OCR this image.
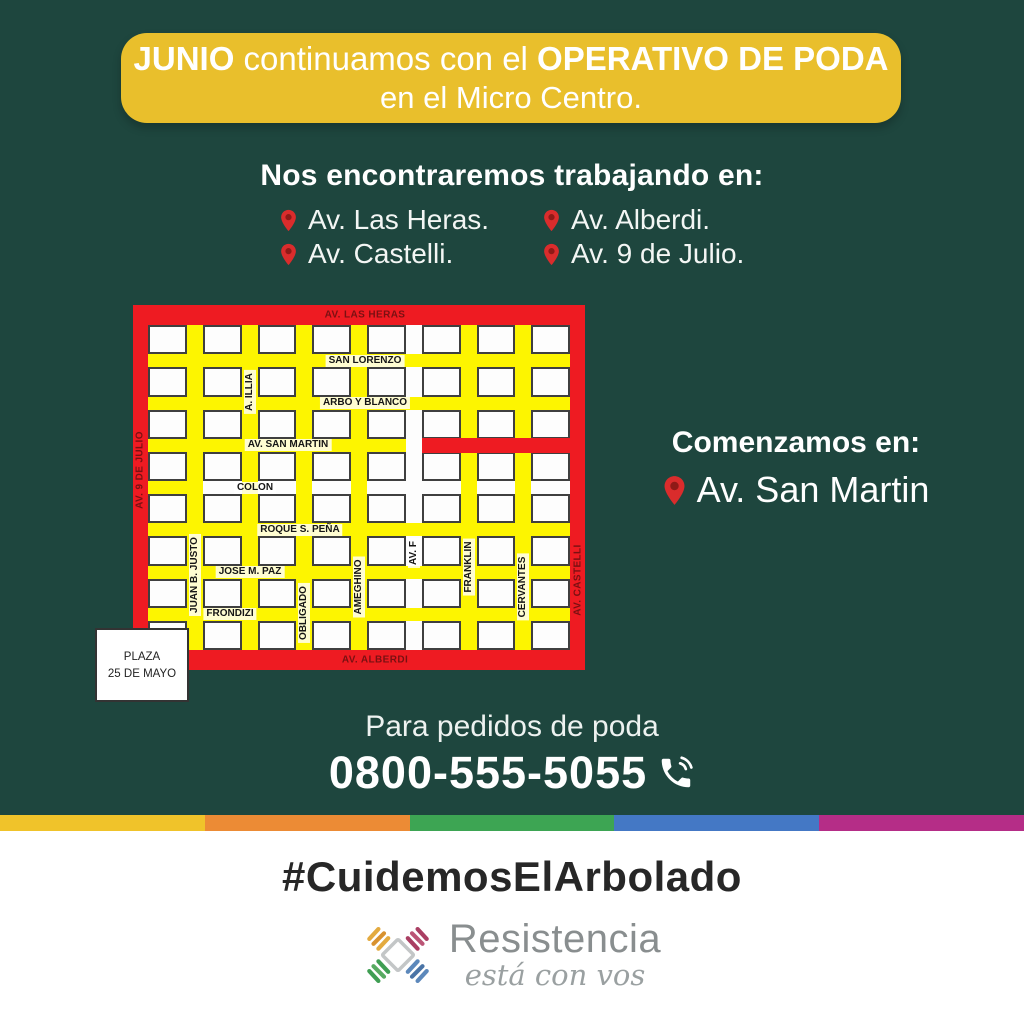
JUNIO continuamos con el OPERATIVO DE PODA
en el Micro Centro.
Nos encontraremos trabajando en:
Av. Las Heras.	Av. Alberdi.
Av. Castelli.	Av. 9 de Julio.
SAN LORENZO
ARBO Y BLANCO
AV. SAN MARTIN
COLON
ROQUE S. PEÑA
JOSE M. PAZ
FRONDIZI
JUAN B. JUSTO
A. ILLIA
OBLIGADO	AMEGHINO
AV. F	FRANKLIN	CERVANTES
AV. LAS HERAS
AV. ALBERDI
AV. 9 DE JULIO
AV. CASTELLI
PLAZA
25 DE MAYO
Comenzamos en:
Av. San Martin
Para pedidos de poda
0800-555-5055
#CuidemosElArbolado
Resistencia
está con vos
